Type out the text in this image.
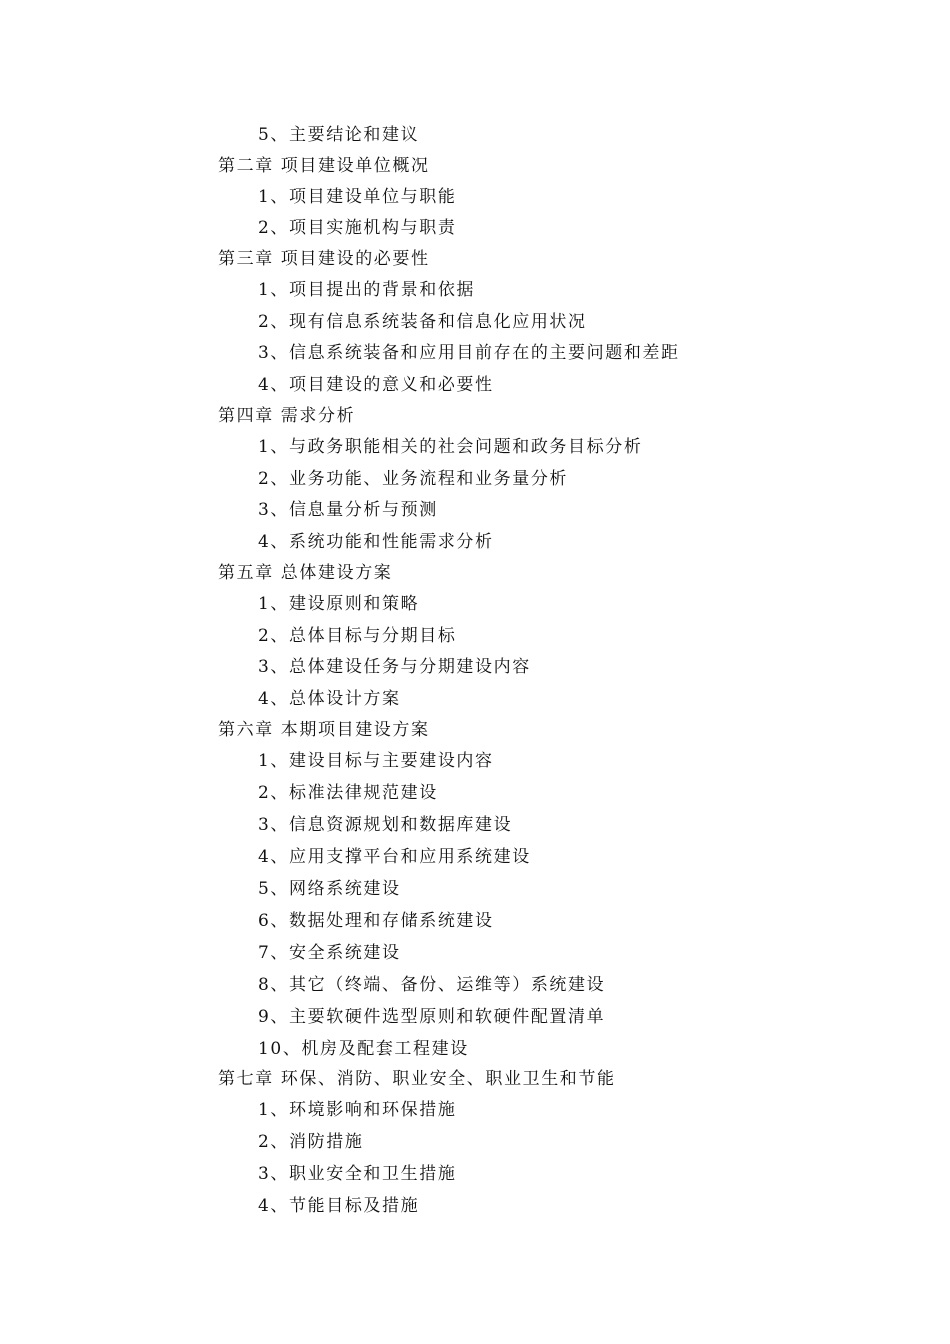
5、主要结论和建议
第二章 项目建设单位概况
1、项目建设单位与职能
2、项目实施机构与职责
第三章 项目建设的必要性
1、项目提出的背景和依据
2、现有信息系统装备和信息化应用状况
3、信息系统装备和应用目前存在的主要问题和差距
4、项目建设的意义和必要性
第四章 需求分析
1、与政务职能相关的社会问题和政务目标分析
2、业务功能、业务流程和业务量分析
3、信息量分析与预测
4、系统功能和性能需求分析
第五章 总体建设方案
1、建设原则和策略
2、总体目标与分期目标
3、总体建设任务与分期建设内容
4、总体设计方案
第六章 本期项目建设方案
1、建设目标与主要建设内容
2、标准法律规范建设
3、信息资源规划和数据库建设
4、应用支撑平台和应用系统建设
5、网络系统建设
6、数据处理和存储系统建设
7、安全系统建设
8、其它（终端、备份、运维等）系统建设
9、主要软硬件选型原则和软硬件配置清单
10、机房及配套工程建设
第七章 环保、消防、职业安全、职业卫生和节能
1、环境影响和环保措施
2、消防措施
3、职业安全和卫生措施
4、节能目标及措施
